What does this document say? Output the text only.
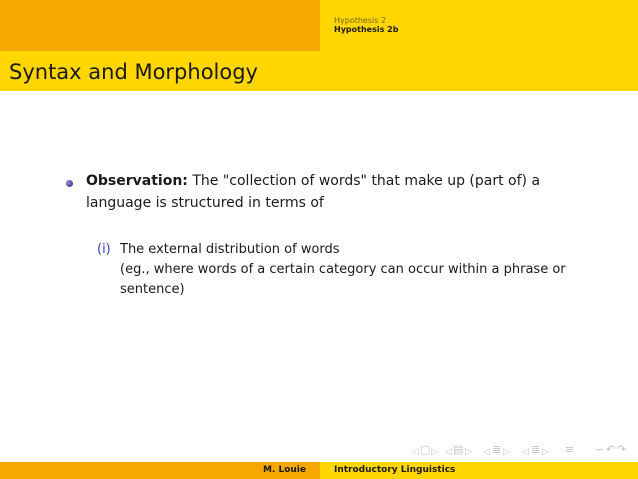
Hypothesis 2

Hypothesis 2b

Syntax and Morphology

Observation: The "collection of words" that make up (part of) a language is structured in terms of

(i) The external distribution of words
(eg., where words of a certain category can occur within a phrase or sentence)

◁ ▢ ▷ ◁ ▤ ▷ ◁ ≣ ▷ ◁ ≣ ▷ ≡ ∽ ↶ ↷

M. Louie	Introductory Linguistics
